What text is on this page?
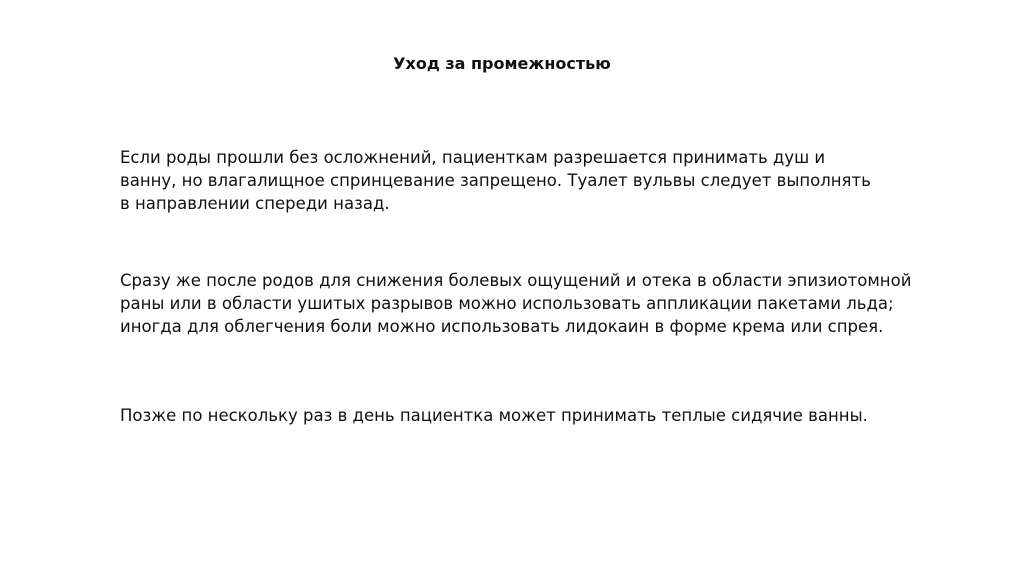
Уход за промежностью

Если роды прошли без осложнений, пациенткам разрешается принимать душ и ванну, но влагалищное спринцевание запрещено. Туалет вульвы следует выполнять в направлении спереди назад.

Сразу же после родов для снижения болевых ощущений и отека в области эпизиотомной раны или в области ушитых разрывов можно использовать аппликации пакетами льда; иногда для облегчения боли можно использовать лидокаин в форме крема или спрея.

Позже по нескольку раз в день пациентка может принимать теплые сидячие ванны.
